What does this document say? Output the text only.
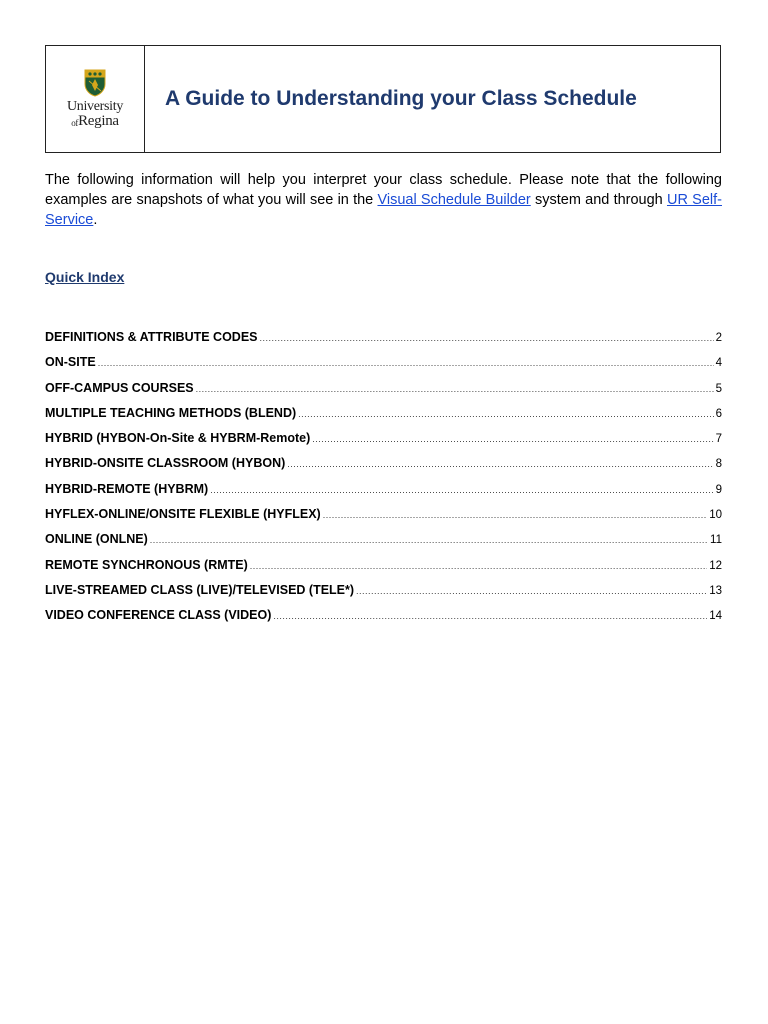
University
$^{of}$Regina
A Guide to Understanding your Class Schedule

The following information will help you interpret your class schedule. Please note that the following examples are snapshots of what you will see in the Visual Schedule Builder system and through UR Self-Service.

Quick Index
DEFINITIONS & ATTRIBUTE CODES .....	2
ON-SITE .....	4
OFF-CAMPUS COURSES .....	5
MULTIPLE TEACHING METHODS (BLEND) .....	6
HYBRID (HYBON-On-Site & HYBRM-Remote) .....	7
HYBRID-ONSITE CLASSROOM (HYBON) .....	8
HYBRID-REMOTE (HYBRM) .....	9
HYFLEX-ONLINE/ONSITE FLEXIBLE (HYFLEX) .....	10
ONLINE (ONLNE) .....	11
REMOTE SYNCHRONOUS (RMTE) .....	12
LIVE-STREAMED CLASS (LIVE)/TELEVISED (TELE*) .....	13
VIDEO CONFERENCE CLASS (VIDEO) .....	14
